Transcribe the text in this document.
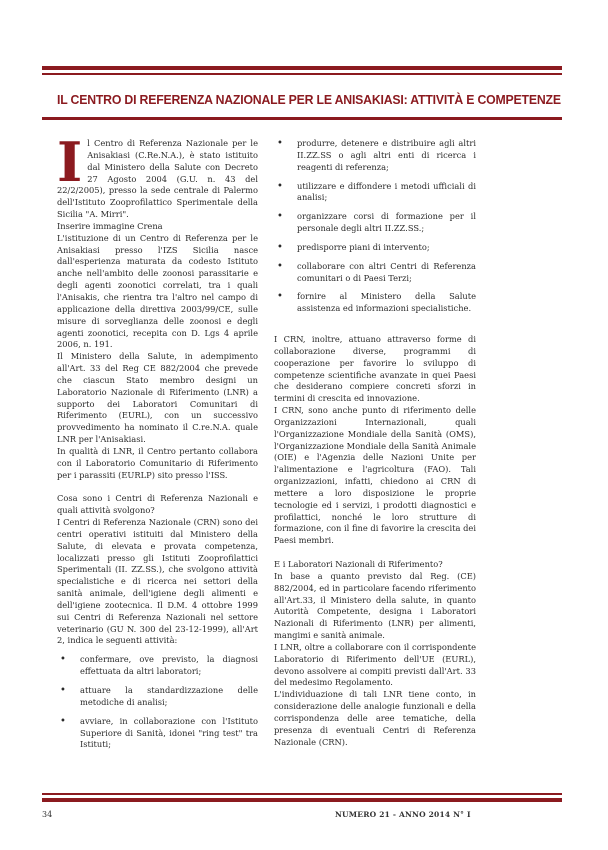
IL CENTRO DI REFERENZA NAZIONALE PER LE ANISAKIASI: ATTIVITÀ E COMPETENZE

Il Centro di Referenza Nazionale per le Anisakiasi (C.Re.N.A.), è stato istituito dal Ministero della Salute con Decreto 27 Agosto 2004 (G.U. n. 43 del 22/2/2005), presso la sede centrale di Palermo dell'Istituto Zooprofilattico Sperimentale della Sicilia "A. Mirri".

Inserire immagine Crena

L'istituzione di un Centro di Referenza per le Anisakiasi presso l'IZS Sicilia nasce dall'esperienza maturata da codesto Istituto anche nell'ambito delle zoonosi parassitarie e degli agenti zoonotici correlati, tra i quali l'Anisakis, che rientra tra l'altro nel campo di applicazione della direttiva 2003/99/CE, sulle misure di sorveglianza delle zoonosi e degli agenti zoonotici, recepita con D. Lgs 4 aprile 2006, n. 191.

Il Ministero della Salute, in adempimento all'Art. 33 del Reg CE 882/2004 che prevede che ciascun Stato membro designi un Laboratorio Nazionale di Riferimento (LNR) a supporto dei Laboratori Comunitari di Riferimento (EURL), con un successivo provvedimento ha nominato il C.re.N.A. quale LNR per l'Anisakiasi.

In qualità di LNR, il Centro pertanto collabora con il Laboratorio Comunitario di Riferimento per i parassiti (EURLP) sito presso l'ISS.

Cosa sono i Centri di Referenza Nazionali e quali attività svolgono?

I Centri di Referenza Nazionale (CRN) sono dei centri operativi istituiti dal Ministero della Salute, di elevata e provata competenza, localizzati presso gli Istituti Zooprofilattici Sperimentali (II. ZZ.SS.), che svolgono attività specialistiche e di ricerca nei settori della sanità animale, dell'igiene degli alimenti e dell'igiene zootecnica. Il D.M. 4 ottobre 1999 sui Centri di Referenza Nazionali nel settore veterinario (GU N. 300 del 23-12-1999), all'Art 2, indica le seguenti attività:

• confermare, ove previsto, la diagnosi effettuata da altri laboratori;
• attuare la standardizzazione delle metodiche di analisi;
• avviare, in collaborazione con l'Istituto Superiore di Sanità, idonei "ring test" tra Istituti;
• produrre, detenere e distribuire agli altri II.ZZ.SS o agli altri enti di ricerca i reagenti di referenza;
• utilizzare e diffondere i metodi ufficiali di analisi;
• organizzare corsi di formazione per il personale degli altri II.ZZ.SS.;
• predisporre piani di intervento;
• collaborare con altri Centri di Referenza comunitari o di Paesi Terzi;
• fornire al Ministero della Salute assistenza ed informazioni specialistiche.

I CRN, inoltre, attuano attraverso forme di collaborazione diverse, programmi di cooperazione per favorire lo sviluppo di competenze scientifiche avanzate in quei Paesi che desiderano compiere concreti sforzi in termini di crescita ed innovazione.

I CRN, sono anche punto di riferimento delle Organizzazioni Internazionali, quali l'Organizzazione Mondiale della Sanità (OMS), l'Organizzazione Mondiale della Sanità Animale (OIE) e l'Agenzia delle Nazioni Unite per l'alimentazione e l'agricoltura (FAO). Tali organizzazioni, infatti, chiedono ai CRN di mettere a loro disposizione le proprie tecnologie ed i servizi, i prodotti diagnostici e profilattici, nonché le loro strutture di formazione, con il fine di favorire la crescita dei Paesi membri.

E i Laboratori Nazionali di Riferimento?

In base a quanto previsto dal Reg. (CE) 882/2004, ed in particolare facendo riferimento all'Art.33, il Ministero della salute, in quanto Autorità Competente, designa i Laboratori Nazionali di Riferimento (LNR) per alimenti, mangimi e sanità animale.

I LNR, oltre a collaborare con il corrispondente Laboratorio di Riferimento dell'UE (EURL), devono assolvere ai compiti previsti dall'Art. 33 del medesimo Regolamento.

L'individuazione di tali LNR tiene conto, in considerazione delle analogie funzionali e della corrispondenza delle aree tematiche, della presenza di eventuali Centri di Referenza Nazionale (CRN).

34	NUMERO 21 - ANNO 2014 N° I
